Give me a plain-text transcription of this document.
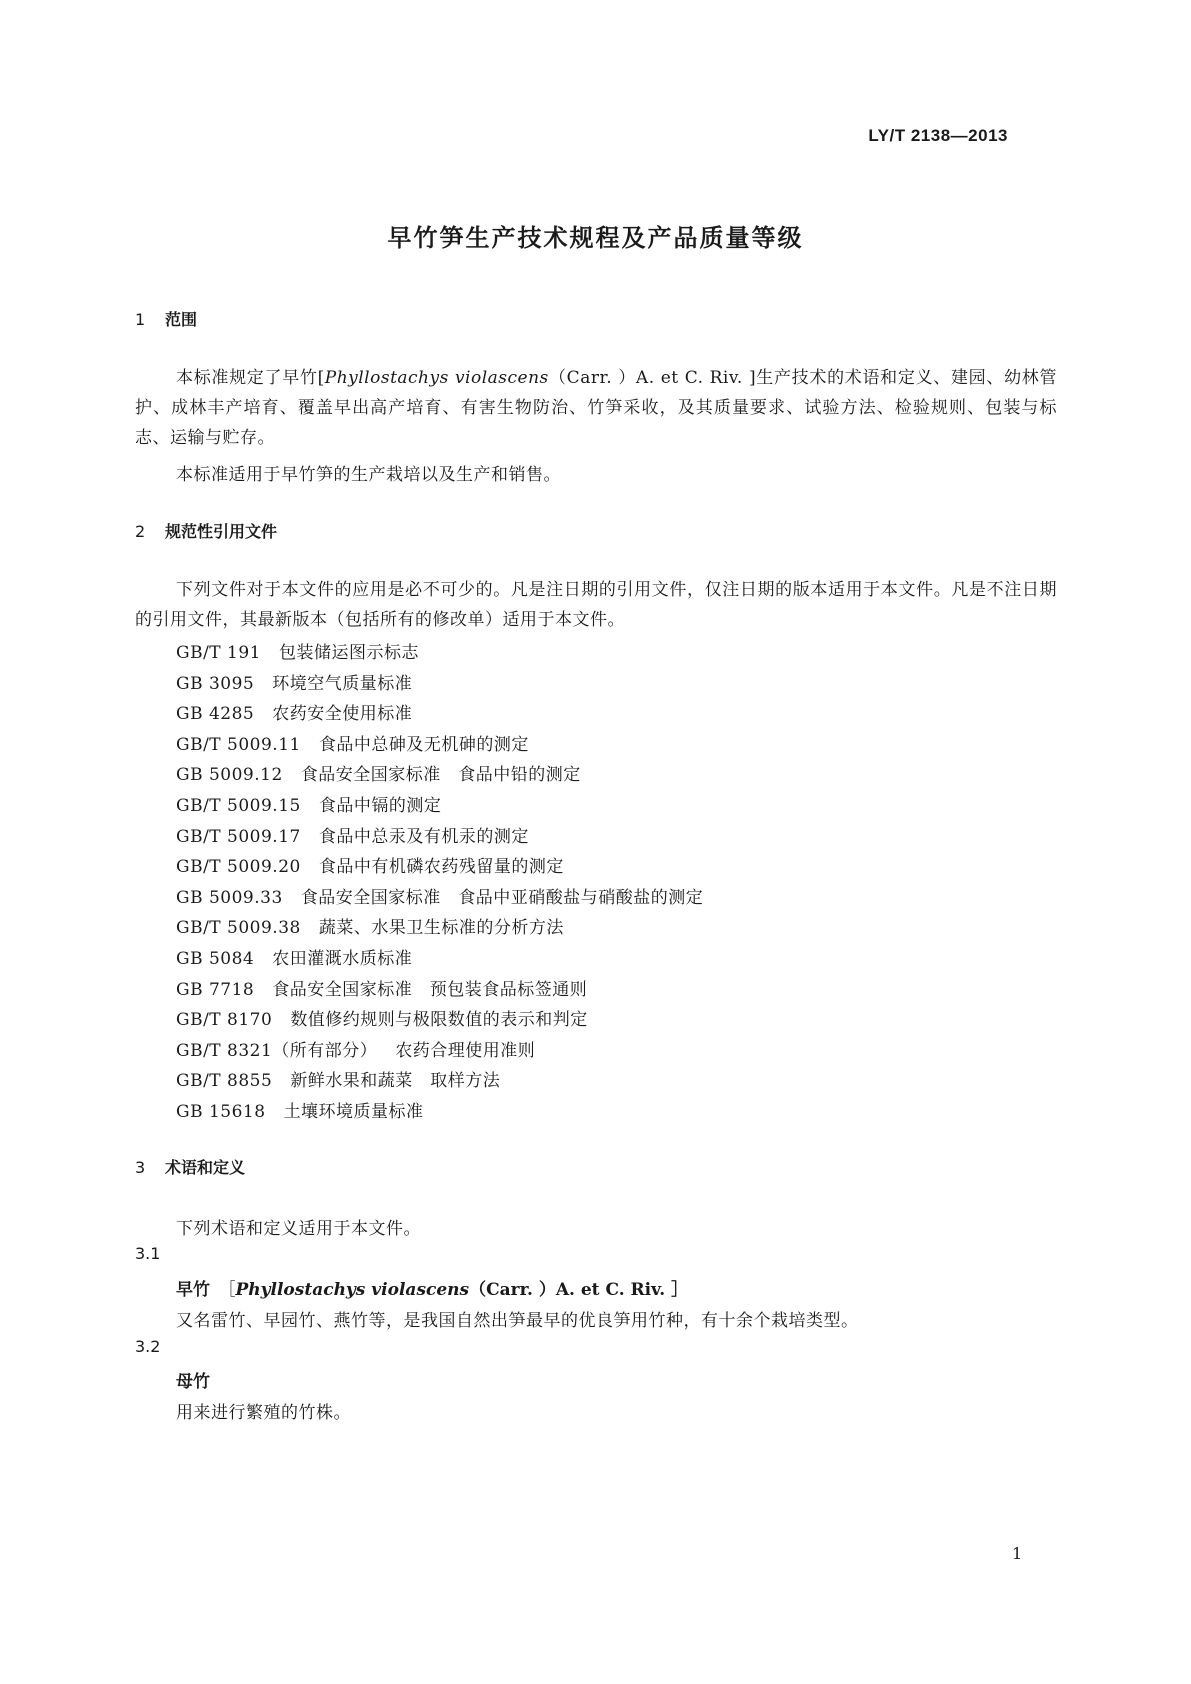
LY/T 2138—2013
早竹笋生产技术规程及产品质量等级
1 范围
本标准规定了早竹[Phyllostachys violascens（Carr. ）A. et C. Riv. ]生产技术的术语和定义、建园、幼林管护、成林丰产培育、覆盖早出高产培育、有害生物防治、竹笋采收，及其质量要求、试验方法、检验规则、包装与标志、运输与贮存。
本标准适用于早竹笋的生产栽培以及生产和销售。
2 规范性引用文件
下列文件对于本文件的应用是必不可少的。凡是注日期的引用文件，仅注日期的版本适用于本文件。凡是不注日期的引用文件，其最新版本（包括所有的修改单）适用于本文件。
GB/T 191 包装储运图示标志
GB 3095 环境空气质量标准
GB 4285 农药安全使用标准
GB/T 5009.11 食品中总砷及无机砷的测定
GB 5009.12 食品安全国家标准　食品中铅的测定
GB/T 5009.15 食品中镉的测定
GB/T 5009.17 食品中总汞及有机汞的测定
GB/T 5009.20 食品中有机磷农药残留量的测定
GB 5009.33 食品安全国家标准　食品中亚硝酸盐与硝酸盐的测定
GB/T 5009.38 蔬菜、水果卫生标准的分析方法
GB 5084 农田灌溉水质标准
GB 7718 食品安全国家标准　预包装食品标签通则
GB/T 8170 数值修约规则与极限数值的表示和判定
GB/T 8321（所有部分） 农药合理使用准则
GB/T 8855 新鲜水果和蔬菜　取样方法
GB 15618 土壤环境质量标准
3 术语和定义
下列术语和定义适用于本文件。
3.1
早竹　 ［Phyllostachys violascens（Carr. ）A. et C. Riv. ］
又名雷竹、早园竹、燕竹等，是我国自然出笋最早的优良笋用竹种，有十余个栽培类型。
3.2
母竹
用来进行繁殖的竹株。
1
